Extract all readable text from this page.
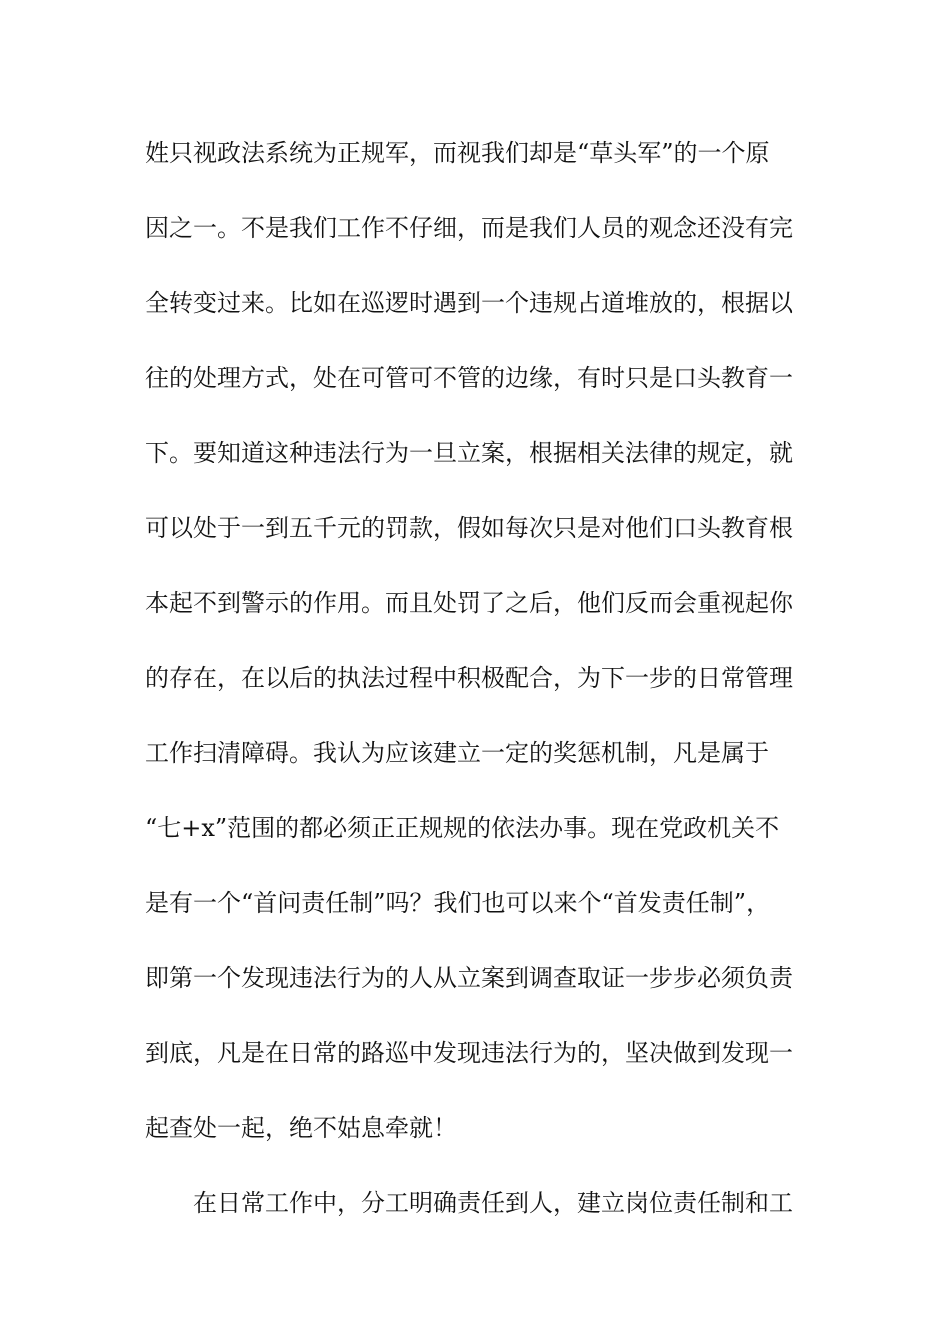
姓只视政法系统为正规军，而视我们却是“草头军”的一个原
因之一。不是我们工作不仔细，而是我们人员的观念还没有完
全转变过来。比如在巡逻时遇到一个违规占道堆放的，根据以
往的处理方式，处在可管可不管的边缘，有时只是口头教育一
下。要知道这种违法行为一旦立案，根据相关法律的规定，就
可以处于一到五千元的罚款，假如每次只是对他们口头教育根
本起不到警示的作用。而且处罚了之后，他们反而会重视起你
的存在，在以后的执法过程中积极配合，为下一步的日常管理
工作扫清障碍。我认为应该建立一定的奖惩机制，凡是属于
“七+x”范围的都必须正正规规的依法办事。现在党政机关不
是有一个“首问责任制”吗？我们也可以来个“首发责任制”，
即第一个发现违法行为的人从立案到调查取证一步步必须负责
到底，凡是在日常的路巡中发现违法行为的，坚决做到发现一
起查处一起，绝不姑息牵就！
在日常工作中，分工明确责任到人，建立岗位责任制和工
